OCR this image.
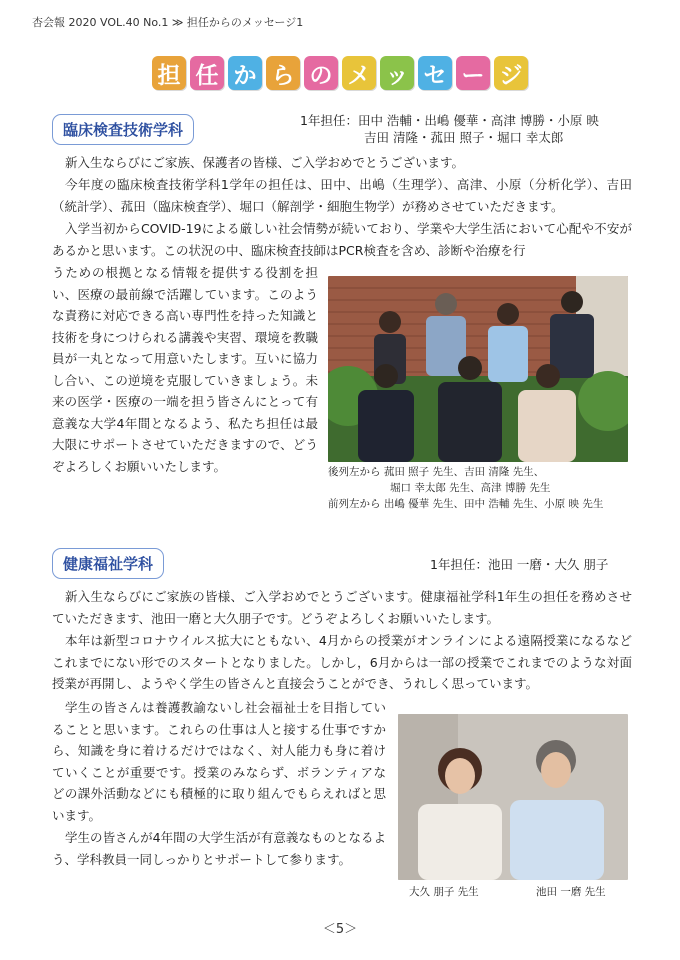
杏会報 2020 VOL.40 No.1 ≫ 担任からのメッセージ1
担 任 か ら の メ ッ セ ー ジ
臨床検査技術学科
1年担任：田中 浩輔・出嶋 優華・高津 博勝・小原 映
吉田 清隆・菰田 照子・堀口 幸太郎

新入生ならびにご家族、保護者の皆様、ご入学おめでとうございます。

今年度の臨床検査技術学科1学年の担任は、田中、出嶋（生理学）、高津、小原（分析化学）、吉田（統計学）、菰田（臨床検査学）、堀口（解剖学・細胞生物学）が務めさせていただきます。

入学当初からCOVID-19による厳しい社会情勢が続いており、学業や大学生活において心配や不安があるかと思います。この状況の中、臨床検査技師はPCR検査を含め、診断や治療を行

うための根拠となる情報を提供する役割を担い、医療の最前線で活躍しています。このような責務に対応できる高い専門性を持った知識と技術を身につけられる講義や実習、環境を教職員が一丸となって用意いたします。互いに協力し合い、この逆境を克服していきましょう。未来の医学・医療の一端を担う皆さんにとって有意義な大学4年間となるよう、私たち担任は最大限にサポートさせていただきますので、どうぞよろしくお願いいたします。	後列左から 菰田 照子 先生、吉田 清隆 先生、
堀口 幸太郎 先生、高津 博勝 先生
前列左から 出嶋 優華 先生、田中 浩輔 先生、小原 映 先生
健康福祉学科	1年担任：池田 一磨・大久 朋子

新入生ならびにご家族の皆様、ご入学おめでとうございます。健康福祉学科1年生の担任を務めさせていただきます、池田一磨と大久朋子です。どうぞよろしくお願いいたします。

本年は新型コロナウイルス拡大にともない、4月からの授業がオンラインによる遠隔授業になるなどこれまでにない形でのスタートとなりました。しかし，6月からは一部の授業でこれまでのような対面授業が再開し、ようやく学生の皆さんと直接会うことができ、うれしく思っています。

学生の皆さんは養護教諭ないし社会福祉士を目指していることと思います。これらの仕事は人と接する仕事ですから、知識を身に着けるだけではなく、対人能力も身に着けていくことが重要です。授業のみならず、ボランティアなどの課外活動などにも積極的に取り組んでもらえればと思います。

学生の皆さんが4年間の大学生活が有意義なものとなるよう、学科教員一同しっかりとサポートして参ります。

大久 朋子 先生	池田 一磨 先生
＜5＞
